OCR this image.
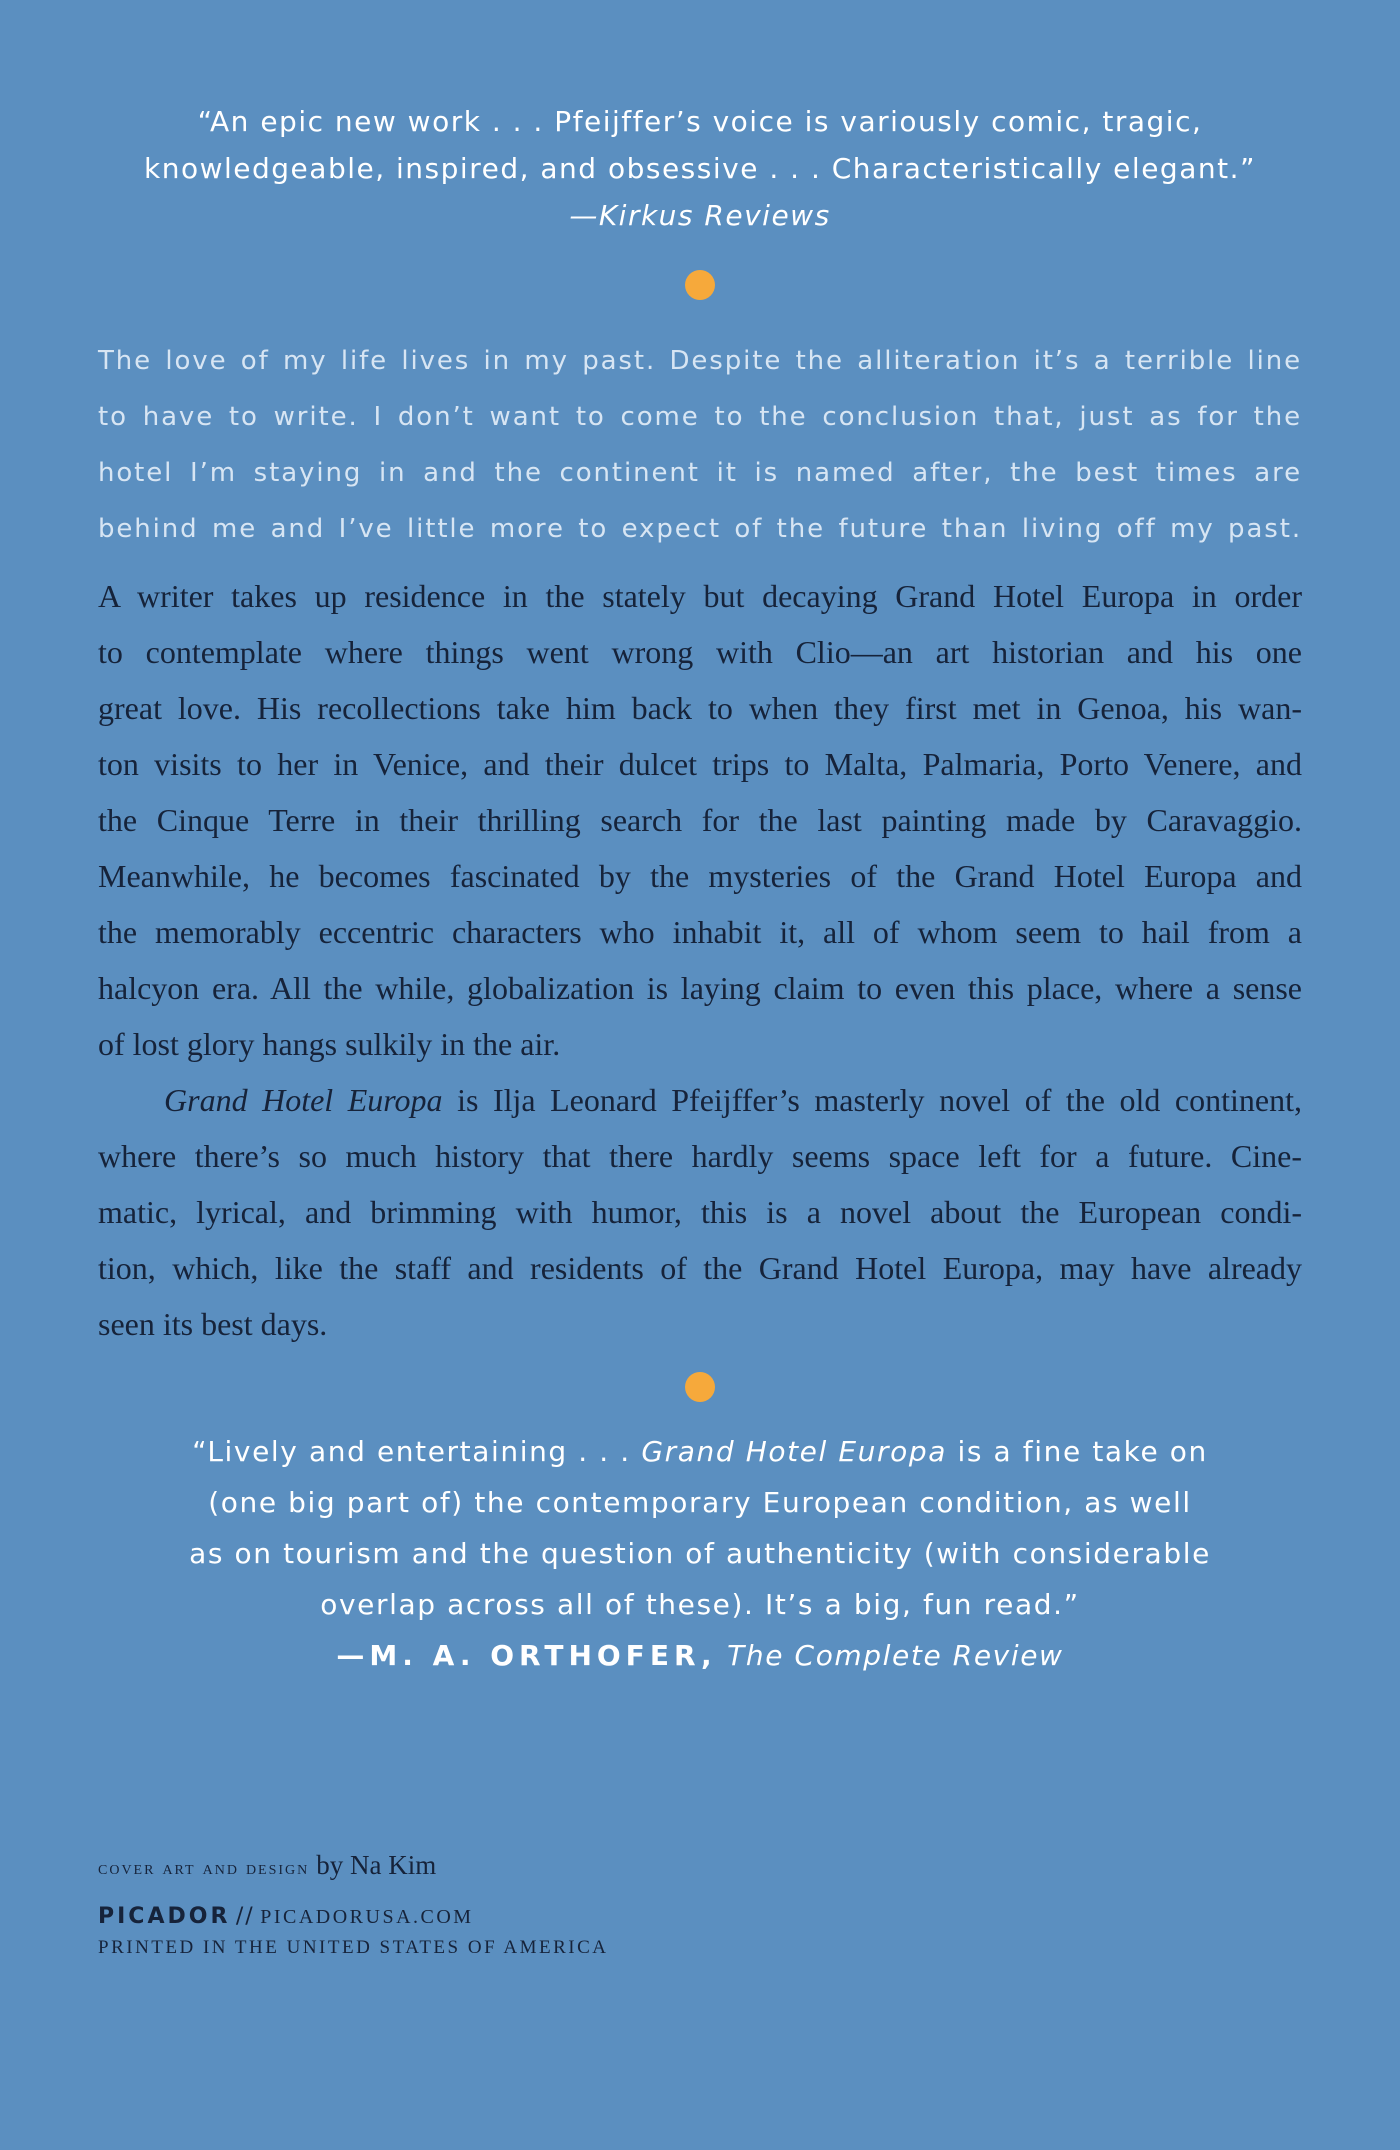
“An epic new work . . . Pfeijffer’s voice is variously comic, tragic,
knowledgeable, inspired, and obsessive . . . Characteristically elegant.”
—Kirkus Reviews
The love of my life lives in my past. Despite the alliteration it’s a terrible line
to have to write. I don’t want to come to the conclusion that, just as for the
hotel I’m staying in and the continent it is named after, the best times are
behind me and I’ve little more to expect of the future than living off my past.
A writer takes up residence in the stately but decaying Grand Hotel Europa in order
to contemplate where things went wrong with Clio—an art historian and his one
great love. His recollections take him back to when they first met in Genoa, his wan-
ton visits to her in Venice, and their dulcet trips to Malta, Palmaria, Porto Venere, and
the Cinque Terre in their thrilling search for the last painting made by Caravaggio.
Meanwhile, he becomes fascinated by the mysteries of the Grand Hotel Europa and
the memorably eccentric characters who inhabit it, all of whom seem to hail from a
halcyon era. All the while, globalization is laying claim to even this place, where a sense
of lost glory hangs sulkily in the air.
Grand Hotel Europa is Ilja Leonard Pfeijffer’s masterly novel of the old continent,
where there’s so much history that there hardly seems space left for a future. Cine-
matic, lyrical, and brimming with humor, this is a novel about the European condi-
tion, which, like the staff and residents of the Grand Hotel Europa, may have already
seen its best days.
“Lively and entertaining . . . Grand Hotel Europa is a fine take on
(one big part of) the contemporary European condition, as well
as on tourism and the question of authenticity (with considerable
overlap across all of these). It’s a big, fun read.”
—M. A. ORTHOFER, The Complete Review
cover art and design by Na Kim
PICADOR // PICADORUSA.COM
PRINTED IN THE UNITED STATES OF AMERICA
